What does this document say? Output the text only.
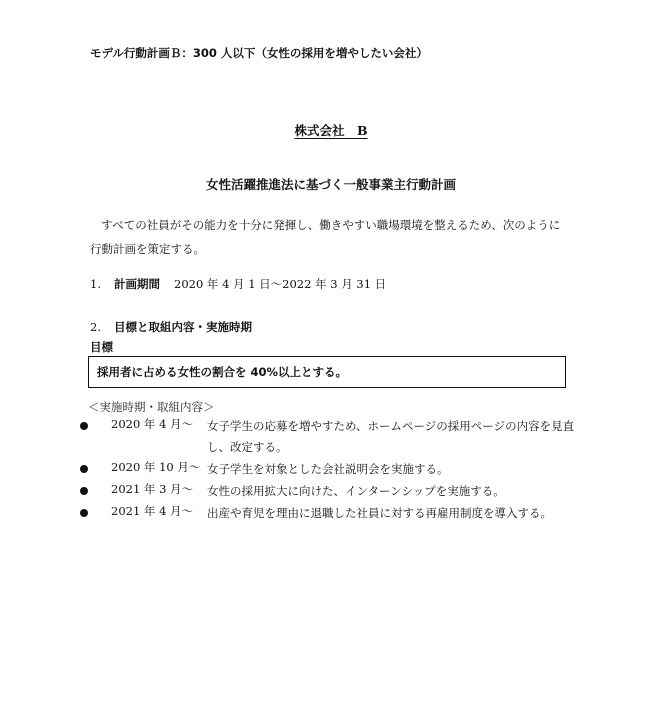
モデル行動計画Ｂ：300 人以下（女性の採用を増やしたい会社）
株式会社　B
女性活躍推進法に基づく一般事業主行動計画
すべての社員がその能力を十分に発揮し、働きやすい職場環境を整えるため、次のように
行動計画を策定する。
1. 計画期間 2020 年 4 月 1 日～2022 年 3 月 31 日
2. 目標と取組内容・実施時期
目標
採用者に占める女性の割合を 40%以上とする。
＜実施時期・取組内容＞
2020 年 4 月～ 女子学生の応募を増やすため、ホームページの採用ページの内容を見直し、改定する。
2020 年 10 月～ 女子学生を対象とした会社説明会を実施する。
2021 年 3 月～ 女性の採用拡大に向けた、インターンシップを実施する。
2021 年 4 月～ 出産や育児を理由に退職した社員に対する再雇用制度を導入する。
